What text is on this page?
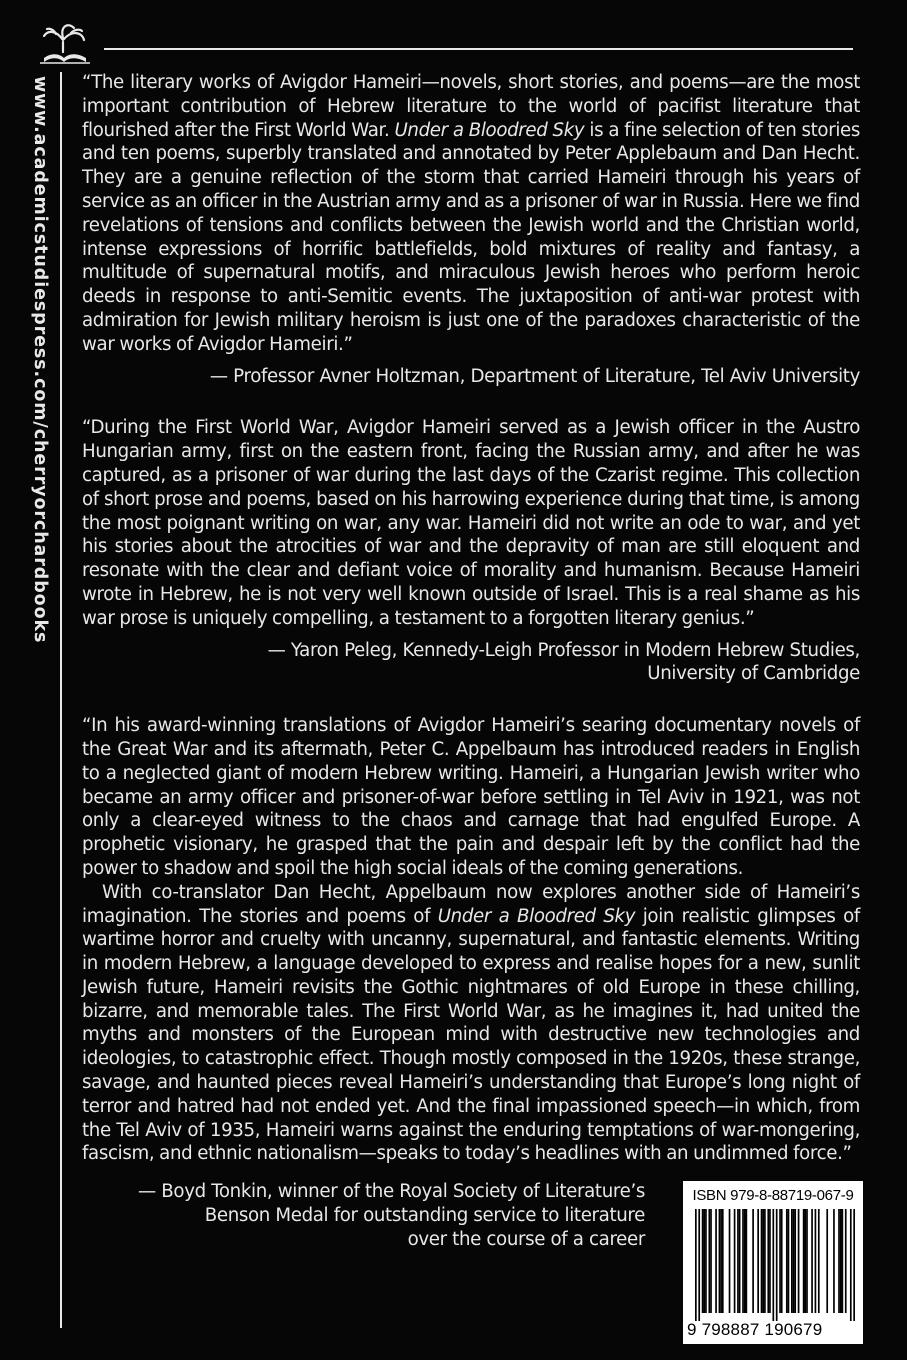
www.academicstudiespress.com/cherryorchardbooks “The literary works of Avigdor Hameiri—novels, short stories, and poems—are the most important contribution of Hebrew literature to the world of pacifist literature that flourished after the First World War. Under a Bloodred Sky is a fine selection of ten stories and ten poems, superbly translated and annotated by Peter Applebaum and Dan Hecht. They are a genuine reflection of the storm that carried Hameiri through his years of service as an officer in the Austrian army and as a prisoner of war in Russia. Here we find revelations of tensions and conflicts between the Jewish world and the Christian world, intense expressions of horrific battlefields, bold mixtures of reality and fantasy, a multitude of supernatural motifs, and miraculous Jewish heroes who perform heroic deeds in response to anti-Semitic events. The juxtaposition of anti-war protest with admiration for Jewish military heroism is just one of the paradoxes characteristic of the war works of Avigdor Hameiri.”

— Professor Avner Holtzman, Department of Literature, Tel Aviv University

“During the First World War, Avigdor Hameiri served as a Jewish officer in the Austro Hungarian army, first on the eastern front, facing the Russian army, and after he was captured, as a prisoner of war during the last days of the Czarist regime. This collection of short prose and poems, based on his harrowing experience during that time, is among the most poignant writing on war, any war. Hameiri did not write an ode to war, and yet his stories about the atrocities of war and the depravity of man are still eloquent and resonate with the clear and defiant voice of morality and humanism. Because Hameiri wrote in Hebrew, he is not very well known outside of Israel. This is a real shame as his war prose is uniquely compelling, a testament to a forgotten literary genius.”

— Yaron Peleg, Kennedy-Leigh Professor in Modern Hebrew Studies,
University of Cambridge

“In his award-winning translations of Avigdor Hameiri’s searing documentary novels of the Great War and its aftermath, Peter C. Appelbaum has introduced readers in English to a neglected giant of modern Hebrew writing. Hameiri, a Hungarian Jewish writer who became an army officer and prisoner-of-war before settling in Tel Aviv in 1921, was not only a clear-eyed witness to the chaos and carnage that had engulfed Europe. A prophetic visionary, he grasped that the pain and despair left by the conflict had the power to shadow and spoil the high social ideals of the coming generations.

With co-translator Dan Hecht, Appelbaum now explores another side of Hameiri’s imagination. The stories and poems of Under a Bloodred Sky join realistic glimpses of wartime horror and cruelty with uncanny, supernatural, and fantastic elements. Writing in modern Hebrew, a language developed to express and realise hopes for a new, sunlit Jewish future, Hameiri revisits the Gothic nightmares of old Europe in these chilling, bizarre, and memorable tales. The First World War, as he imagines it, had united the myths and monsters of the European mind with destructive new technologies and ideologies, to catastrophic effect. Though mostly composed in the 1920s, these strange, savage, and haunted pieces reveal Hameiri’s understanding that Europe’s long night of terror and hatred had not ended yet. And the final impassioned speech—in which, from the Tel Aviv of 1935, Hameiri warns against the enduring temptations of war-mongering, fascism, and ethnic nationalism—speaks to today’s headlines with an undimmed force.”

— Boyd Tonkin, winner of the Royal Society of Literature’s
Benson Medal for outstanding service to literature
over the course of a career
ISBN 979-8-88719-067-9
9 798887 190679
